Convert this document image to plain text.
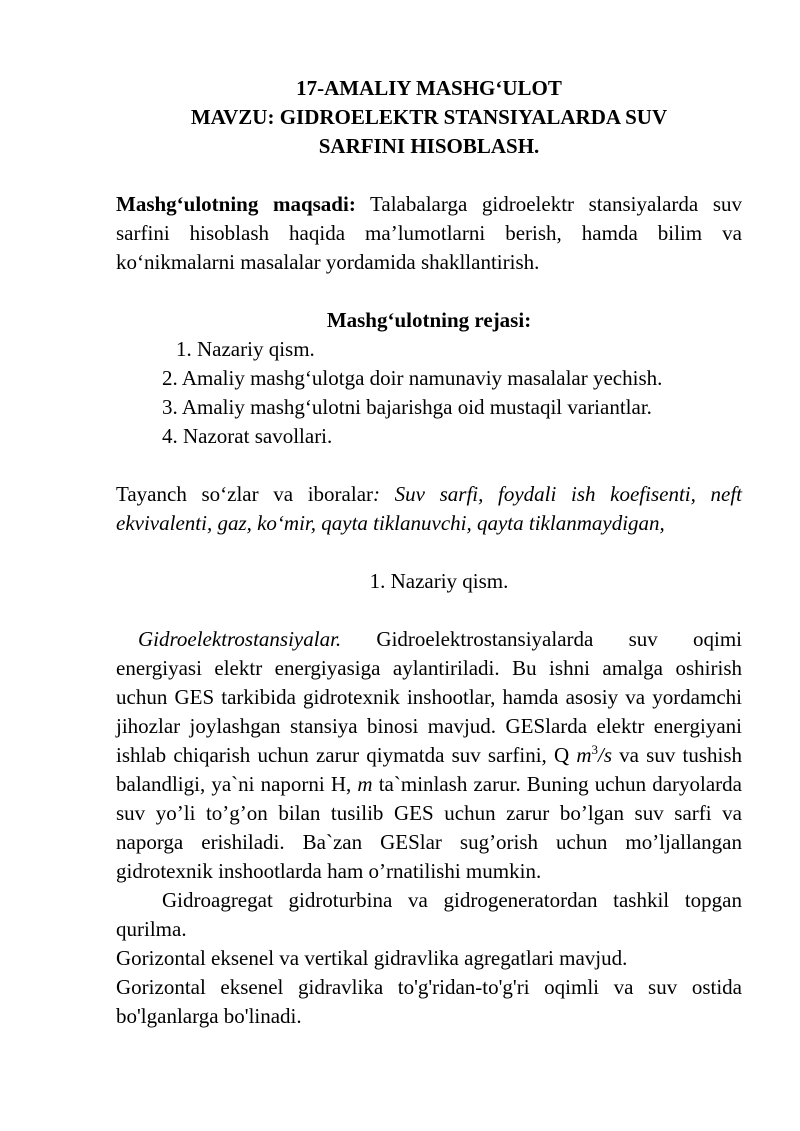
17-AMALIY MASHG‘ULOT
MAVZU: GIDROELEKTR STANSIYALARDA SUV
SARFINI HISOBLASH.

Mashg‘ulotning maqsadi: Talabalarga gidroelektr stansiyalarda suv sarfini hisoblash haqida ma’lumotlarni berish, hamda bilim va ko‘nikmalarni masalalar yordamida shakllantirish.

Mashg‘ulotning rejasi:
1. Nazariy qism.
2. Amaliy mashg‘ulotga doir namunaviy masalalar yechish.
3. Amaliy mashg‘ulotni bajarishga oid mustaqil variantlar.
4. Nazorat savollari.

Tayanch so‘zlar va iboralar: Suv sarfi, foydali ish koefisenti, neft ekvivalenti, gaz, ko‘mir, qayta tiklanuvchi, qayta tiklanmaydigan,

1. Nazariy qism.

Gidroelektrostansiyalar. Gidroelektrostansiyalarda suv oqimi energiyasi elektr energiyasiga aylantiriladi. Bu ishni amalga oshirish uchun GES tarkibida gidrotexnik inshootlar, hamda asosiy va yordamchi jihozlar joylashgan stansiya binosi mavjud. GESlarda elektr energiyani ishlab chiqarish uchun zarur qiymatda suv sarfini, Q $m^3/s$ va suv tushish balandligi, ya`ni naporni H, m ta`minlash zarur. Buning uchun daryolarda suv yo’li to’g’on bilan tusilib GES uchun zarur bo’lgan suv sarfi va naporga erishiladi. Ba`zan GESlar sug’orish uchun mo’ljallangan gidrotexnik inshootlarda ham o’rnatilishi mumkin.

Gidroagregat gidroturbina va gidrogeneratordan tashkil topgan qurilma.

Gorizontal eksenel va vertikal gidravlika agregatlari mavjud.

Gorizontal eksenel gidravlika to'g'ridan-to'g'ri oqimli va suv ostida bo'lganlarga bo'linadi.
